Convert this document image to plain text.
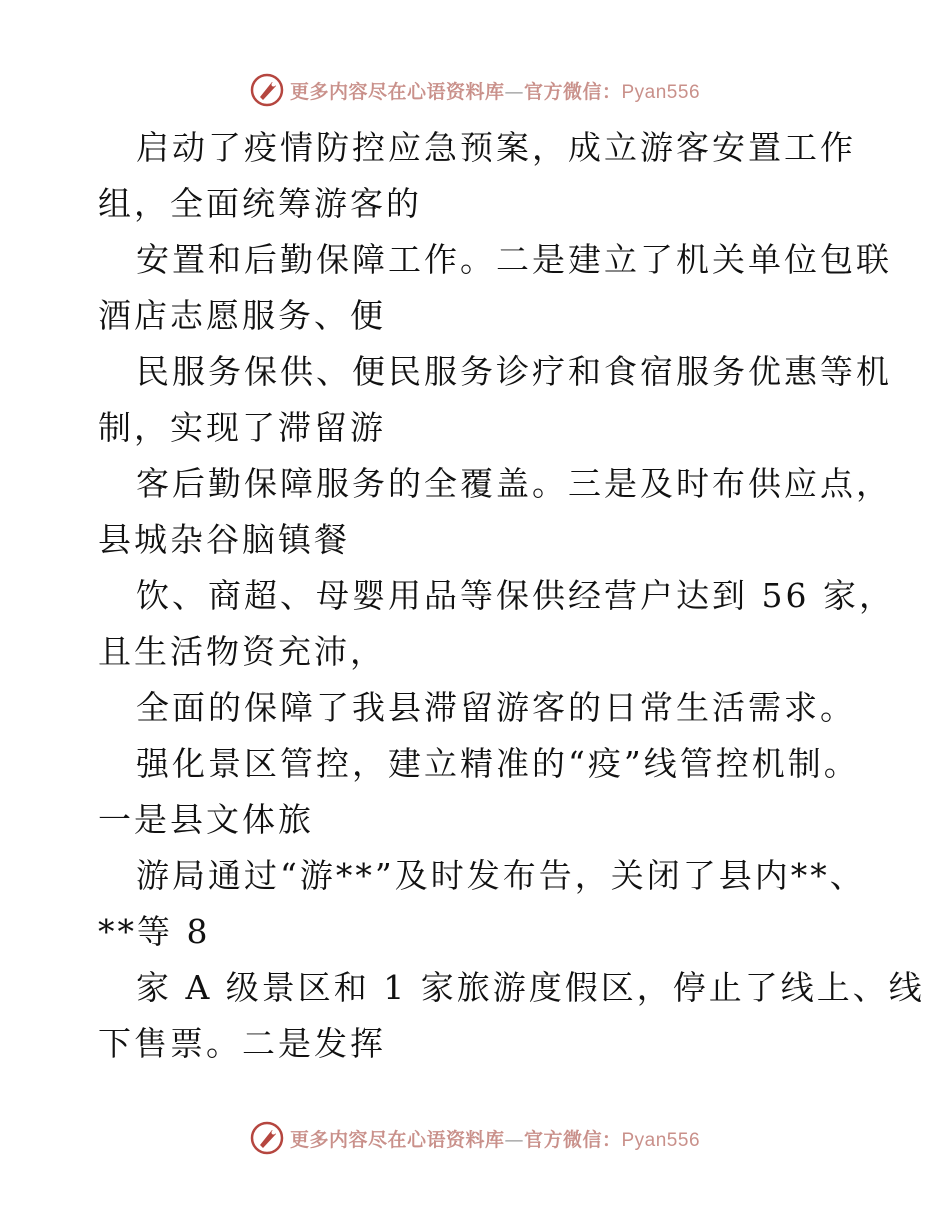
更多内容尽在心语资料库—官方微信：Pyan556
启动了疫情防控应急预案，成立游客安置工作
组，全面统筹游客的
安置和后勤保障工作。二是建立了机关单位包联
酒店志愿服务、便
民服务保供、便民服务诊疗和食宿服务优惠等机
制，实现了滞留游
客后勤保障服务的全覆盖。三是及时布供应点，
县城杂谷脑镇餐
饮、商超、母婴用品等保供经营户达到 56 家，
且生活物资充沛，
全面的保障了我县滞留游客的日常生活需求。
强化景区管控，建立精准的“疫”线管控机制。
一是县文体旅
游局通过“游**”及时发布告，关闭了县内**、
**等 8
家 A 级景区和 1 家旅游度假区，停止了线上、线
下售票。二是发挥
更多内容尽在心语资料库—官方微信：Pyan556
